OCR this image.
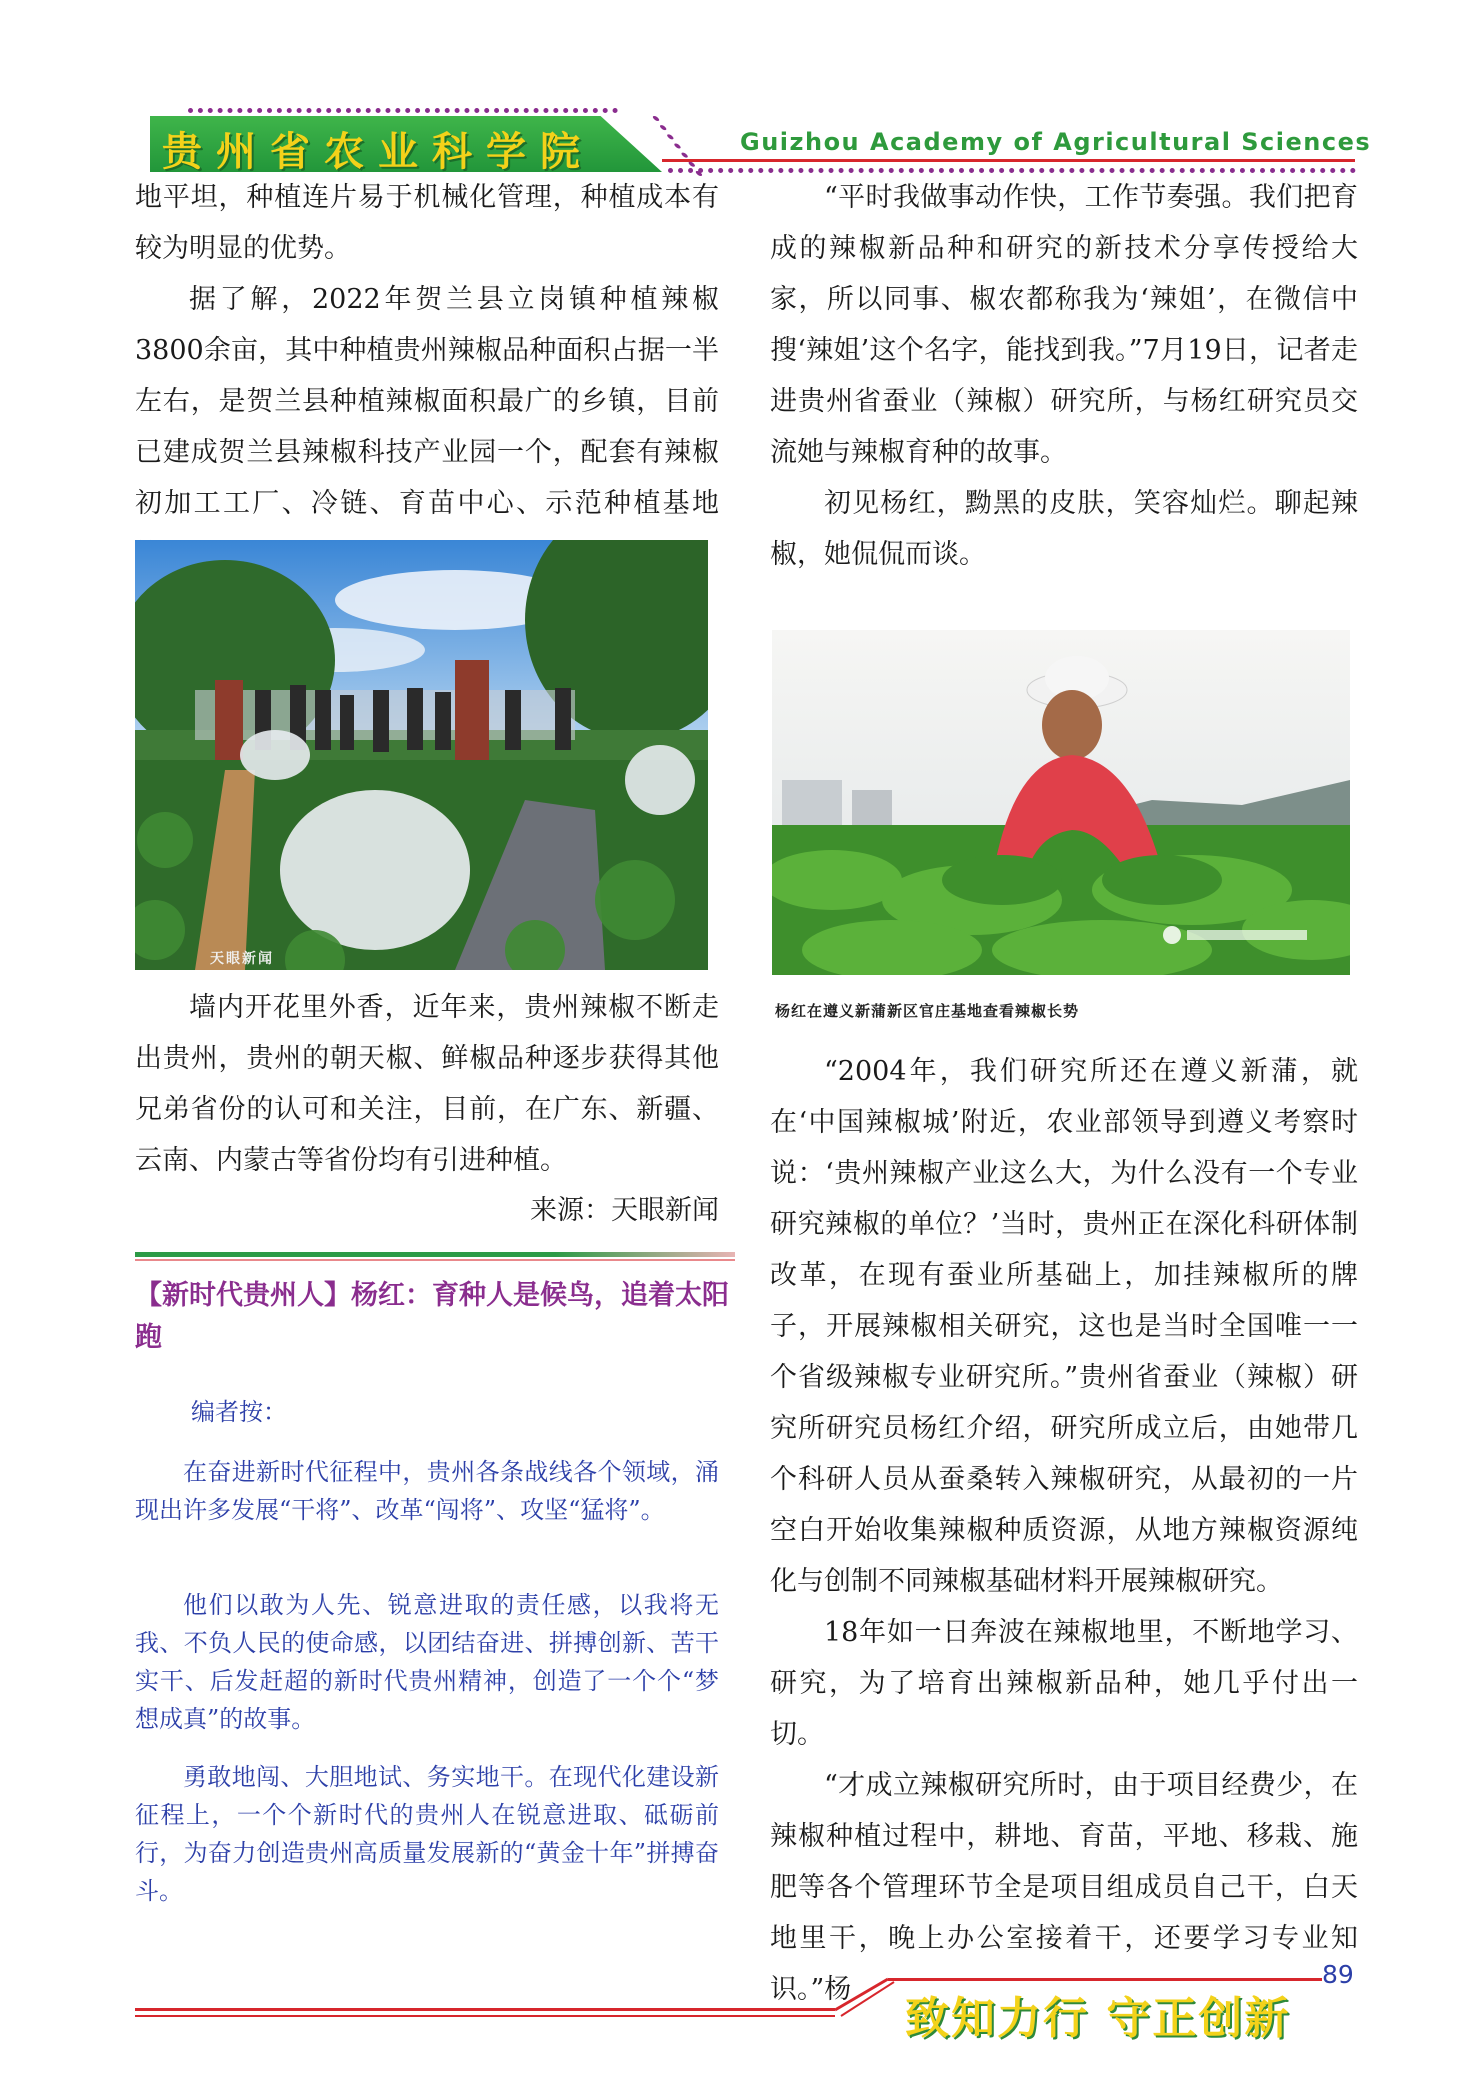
贵州省农业科学院	Guizhou Academy of Agricultural Sciences

地平坦，种植连片易于机械化管理，种植成本有较为明显的优势。

据了解，2022年贺兰县立岗镇种植辣椒3800余亩，其中种植贵州辣椒品种面积占据一半左右，是贺兰县种植辣椒面积最广的乡镇，目前已建成贺兰县辣椒科技产业园一个，配套有辣椒初加工工厂、冷链、育苗中心、示范种植基地

天眼新闻

墙内开花里外香，近年来，贵州辣椒不断走出贵州，贵州的朝天椒、鲜椒品种逐步获得其他兄弟省份的认可和关注，目前，在广东、新疆、云南、内蒙古等省份均有引进种植。

来源：天眼新闻
【新时代贵州人】杨红：育种人是候鸟，追着太阳跑
编者按：
在奋进新时代征程中，贵州各条战线各个领域，涌现出许多发展“干将”、改革“闯将”、攻坚“猛将”。
他们以敢为人先、锐意进取的责任感，以我将无我、不负人民的使命感，以团结奋进、拼搏创新、苦干实干、后发赶超的新时代贵州精神，创造了一个个“梦想成真”的故事。
勇敢地闯、大胆地试、务实地干。在现代化建设新征程上，一个个新时代的贵州人在锐意进取、砥砺前行，为奋力创造贵州高质量发展新的“黄金十年”拼搏奋斗。

“平时我做事动作快，工作节奏强。我们把育成的辣椒新品种和研究的新技术分享传授给大家，所以同事、椒农都称我为‘辣姐’，在微信中搜‘辣姐’这个名字，能找到我。”7月19日，记者走进贵州省蚕业（辣椒）研究所，与杨红研究员交流她与辣椒育种的故事。

初见杨红，黝黑的皮肤，笑容灿烂。聊起辣椒，她侃侃而谈。

杨红在遵义新蒲新区官庄基地查看辣椒长势

“2004年，我们研究所还在遵义新蒲，就在‘中国辣椒城’附近，农业部领导到遵义考察时说：‘贵州辣椒产业这么大，为什么没有一个专业研究辣椒的单位？’当时，贵州正在深化科研体制改革，在现有蚕业所基础上，加挂辣椒所的牌子，开展辣椒相关研究，这也是当时全国唯一一个省级辣椒专业研究所。”贵州省蚕业（辣椒）研究所研究员杨红介绍，研究所成立后，由她带几个科研人员从蚕桑转入辣椒研究，从最初的一片空白开始收集辣椒种质资源，从地方辣椒资源纯化与创制不同辣椒基础材料开展辣椒研究。

18年如一日奔波在辣椒地里，不断地学习、研究，为了培育出辣椒新品种，她几乎付出一切。

“才成立辣椒研究所时，由于项目经费少，在辣椒种植过程中，耕地、育苗，平地、移栽、施肥等各个管理环节全是项目组成员自己干，白天地里干，晚上办公室接着干，还要学习专业知识。”杨	89
致知力行 守正创新
